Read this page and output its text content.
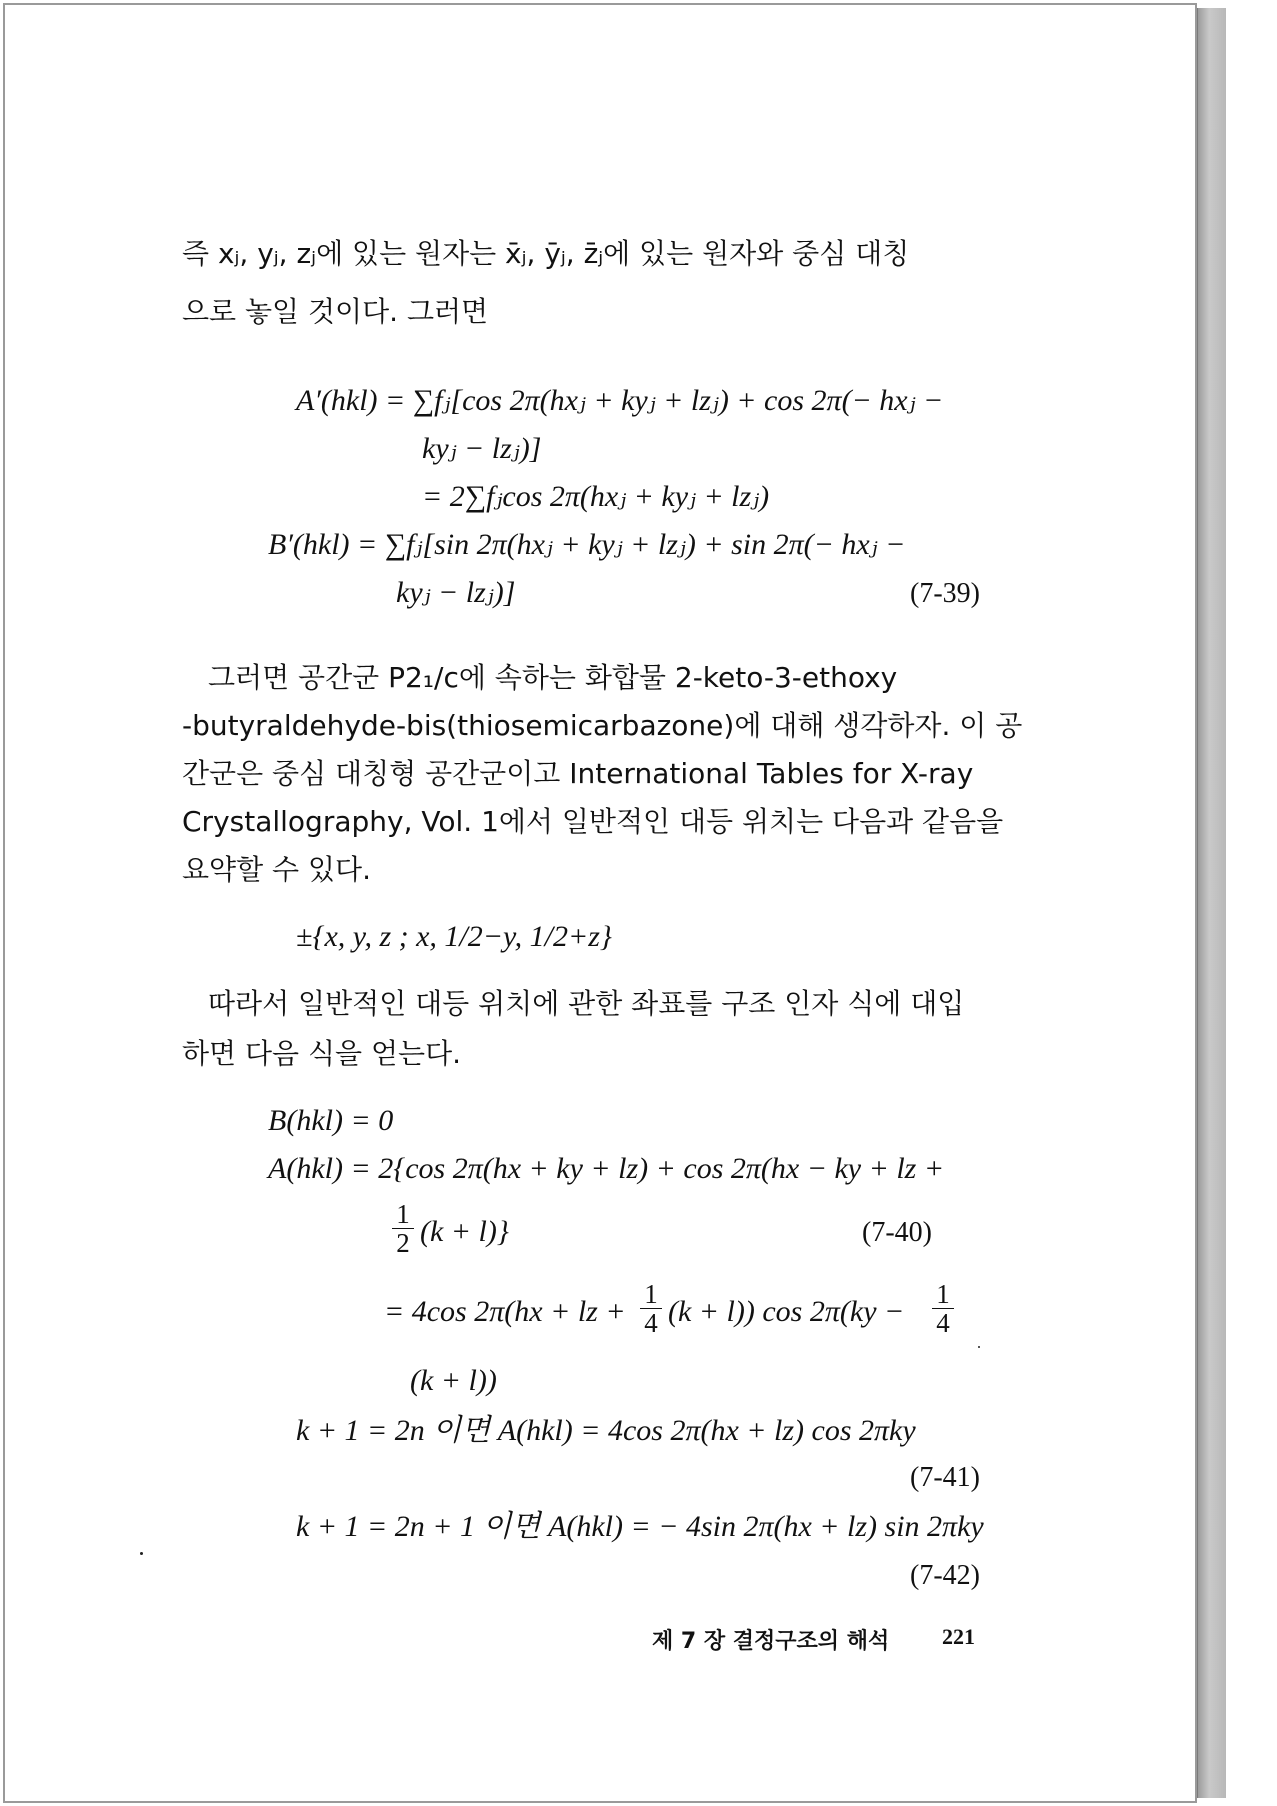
즉 xⱼ, yⱼ, zⱼ에 있는 원자는 x̄ⱼ, ȳⱼ, z̄ⱼ에 있는 원자와 중심 대칭
으로 놓일 것이다. 그러면
A′(hkl) = ∑fⱼ[cos 2π(hxⱼ + kyⱼ + lzⱼ) + cos 2π(− hxⱼ −
kyⱼ − lzⱼ)]
= 2∑fⱼcos 2π(hxⱼ + kyⱼ + lzⱼ)
B′(hkl) = ∑fⱼ[sin 2π(hxⱼ + kyⱼ + lzⱼ) + sin 2π(− hxⱼ −
kyⱼ − lzⱼ)]	(7-39)
그러면 공간군 P2₁/c에 속하는 화합물 2-keto-3-ethoxy
-butyraldehyde-bis(thiosemicarbazone)에 대해 생각하자. 이 공
간군은 중심 대칭형 공간군이고 International Tables for X-ray
Crystallography, Vol. 1에서 일반적인 대등 위치는 다음과 같음을
요약할 수 있다.
±{x, y, z ; x, 1/2−y, 1/2+z}
따라서 일반적인 대등 위치에 관한 좌표를 구조 인자 식에 대입
하면 다음 식을 얻는다.
B(hkl) = 0
A(hkl) = 2{cos 2π(hx + ky + lz) + cos 2π(hx − ky + lz +
$\frac{1}{2} (k + l)$}	(7-40)
= 4cos 2π(hx + lz + $\frac{1}{4} (k + l)$) $\cos 2\pi(ky - \frac{1}{4}$
(k + l))
k + 1 = 2n 이면 A(hkl) = 4cos 2π(hx + lz) cos 2πky
(7-41)
k + 1 = 2n + 1 이면 A(hkl) = − 4sin 2π(hx + lz) sin 2πky
(7-42)
제 7 장 결정구조의 해석 221
